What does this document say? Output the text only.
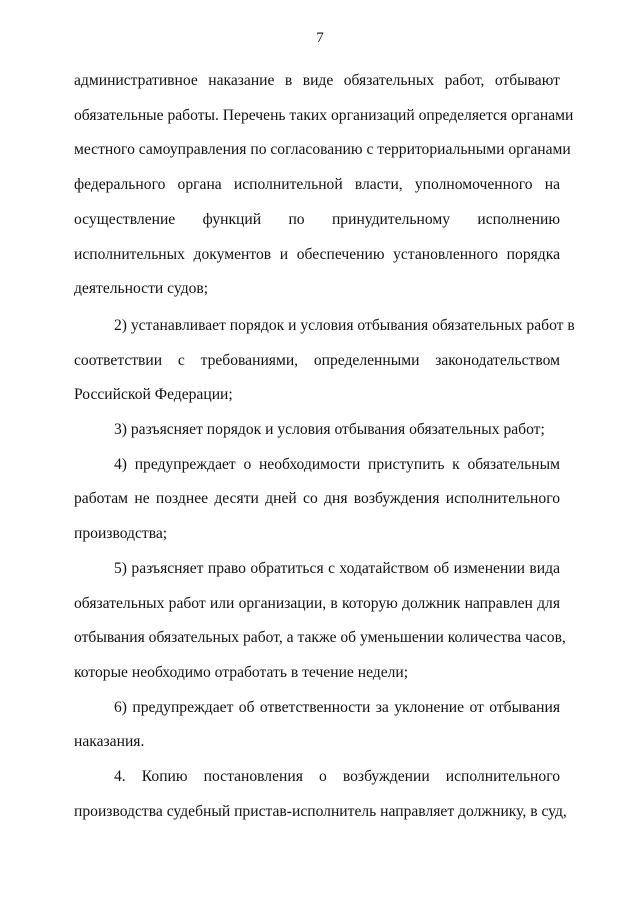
7
административное наказание в виде обязательных работ, отбывают
обязательные работы. Перечень таких организаций определяется органами
местного самоуправления по согласованию с территориальными органами
федерального органа исполнительной власти, уполномоченного на
осуществление функций по принудительному исполнению
исполнительных документов и обеспечению установленного порядка
деятельности судов;
2) устанавливает порядок и условия отбывания обязательных работ в
соответствии с требованиями, определенными законодательством
Российской Федерации;
3) разъясняет порядок и условия отбывания обязательных работ;
4) предупреждает о необходимости приступить к обязательным
работам не позднее десяти дней со дня возбуждения исполнительного
производства;
5) разъясняет право обратиться с ходатайством об изменении вида
обязательных работ или организации, в которую должник направлен для
отбывания обязательных работ, а также об уменьшении количества часов,
которые необходимо отработать в течение недели;
6) предупреждает об ответственности за уклонение от отбывания
наказания.
4. Копию постановления о возбуждении исполнительного
производства судебный пристав-исполнитель направляет должнику, в суд,
